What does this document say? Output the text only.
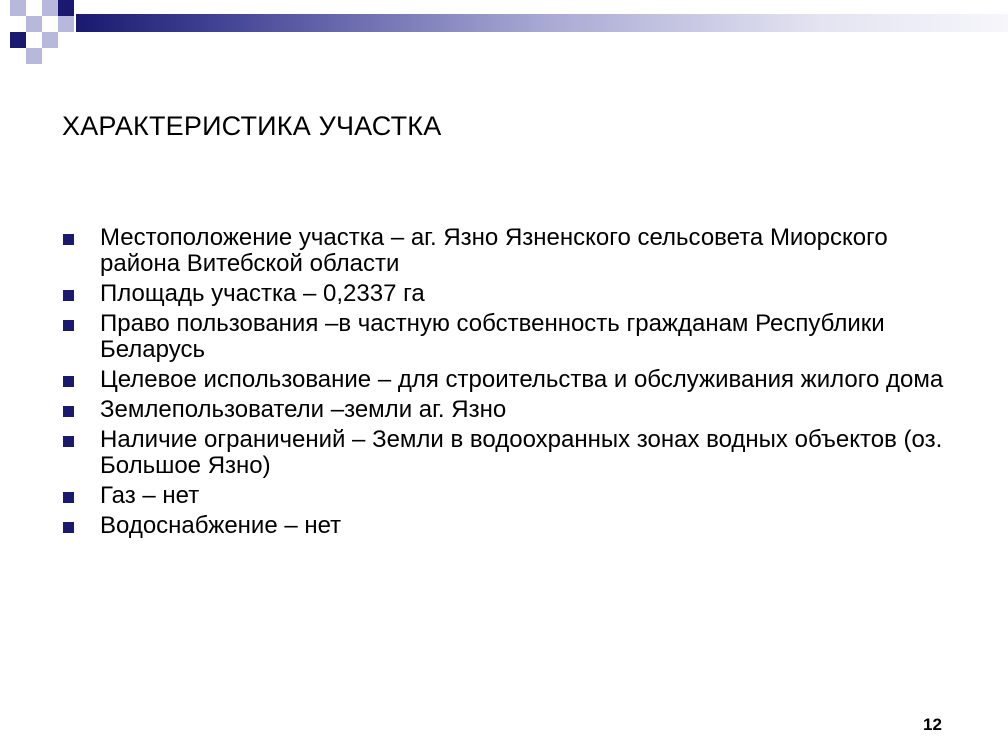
ХАРАКТЕРИСТИКА УЧАСТКА
Местоположение участка – аг. Язно Язненского сельсовета Миорского района Витебской области
Площадь участка – 0,2337 га
Право пользования –в частную собственность гражданам Республики Беларусь
Целевое использование – для строительства и обслуживания жилого дома
Землепользователи –земли аг. Язно
Наличие ограничений – Земли в водоохранных зонах водных объектов (оз. Большое Язно)
Газ – нет
Водоснабжение – нет
12
